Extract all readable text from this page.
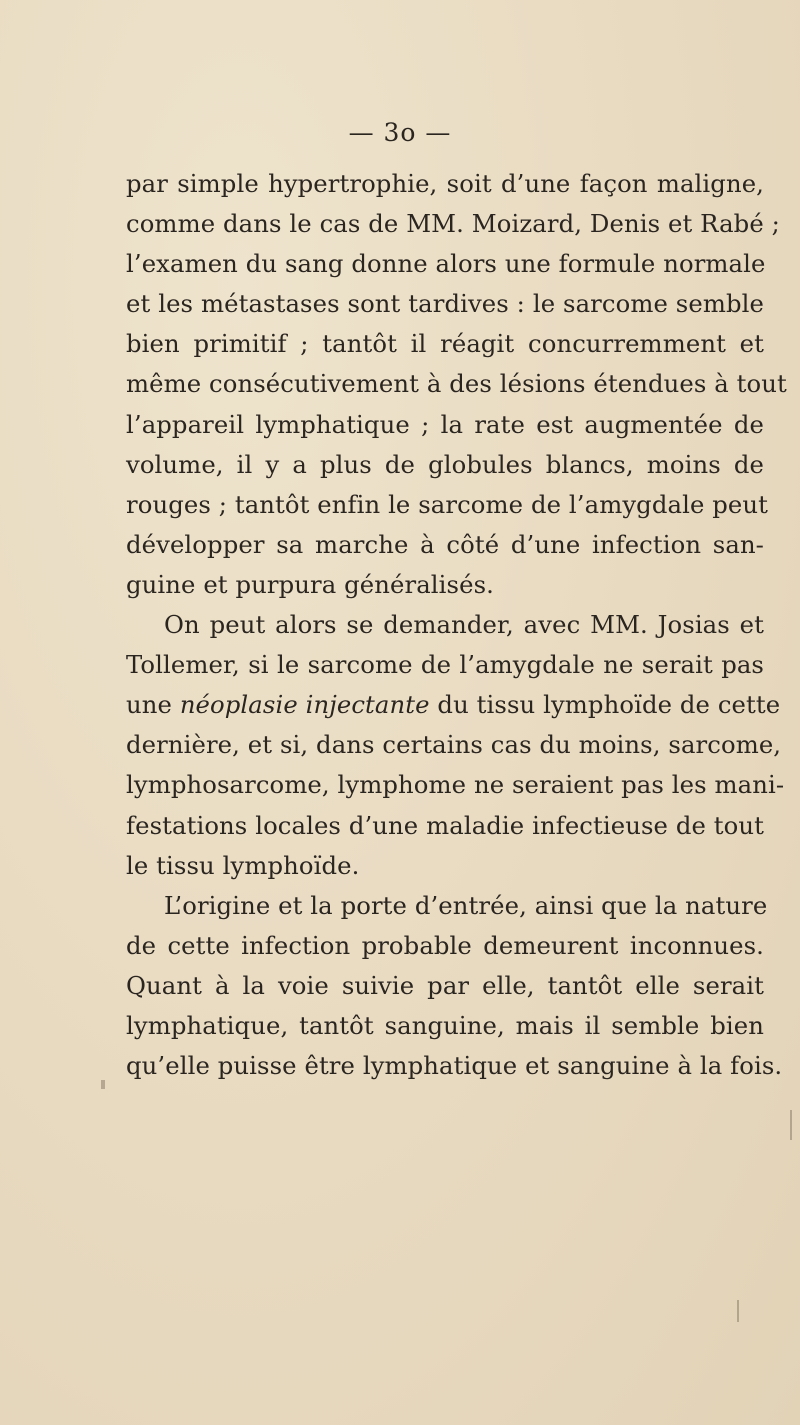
— 3o —
par simple hypertrophie, soit d’une façon maligne,
comme dans le cas de MM. Moizard, Denis et Rabé ;
l’examen du sang donne alors une formule normale
et les métastases sont tardives : le sarcome semble
bien primitif ; tantôt il réagit concurremment et
même consécutivement à des lésions étendues à tout
l’appareil lymphatique ; la rate est augmentée de
volume, il y a plus de globules blancs, moins de
rouges ; tantôt enfin le sarcome de l’amygdale peut
développer sa marche à côté d’une infection san-
guine et purpura généralisés.
On peut alors se demander, avec MM. Josias et
Tollemer, si le sarcome de l’amygdale ne serait pas
une néoplasie injectante du tissu lymphoïde de cette
dernière, et si, dans certains cas du moins, sarcome,
lymphosarcome, lymphome ne seraient pas les mani-
festations locales d’une maladie infectieuse de tout
le tissu lymphoïde.
L’origine et la porte d’entrée, ainsi que la nature
de cette infection probable demeurent inconnues.
Quant à la voie suivie par elle, tantôt elle serait
lymphatique, tantôt sanguine, mais il semble bien
qu’elle puisse être lymphatique et sanguine à la fois.
